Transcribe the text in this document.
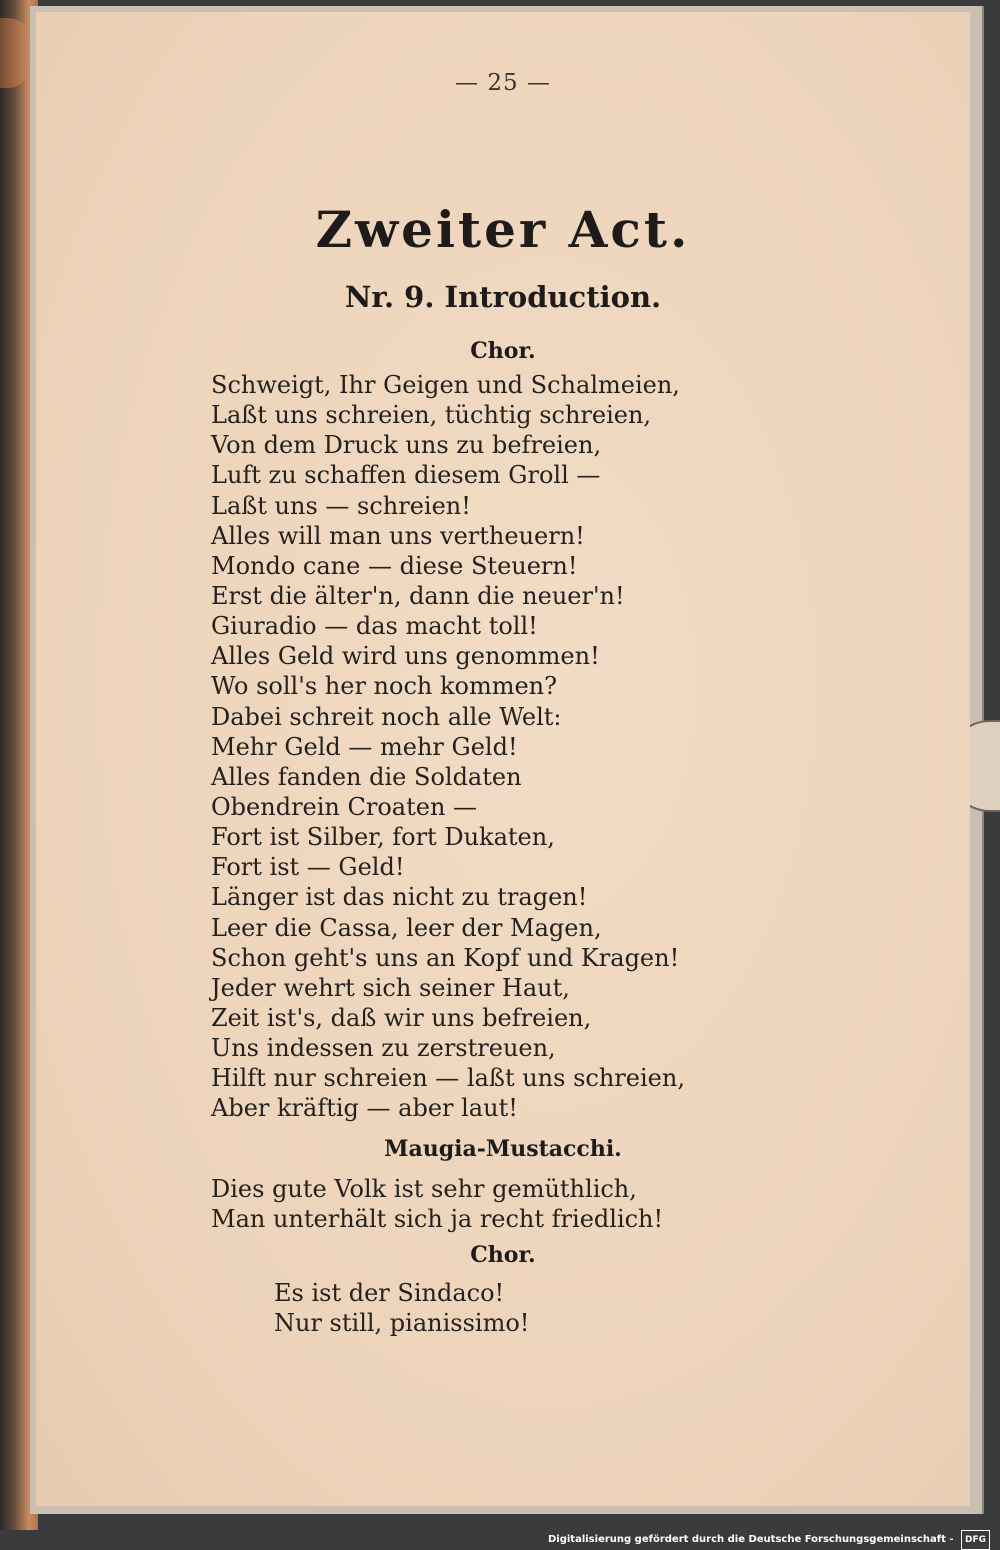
— 25 —
Zweiter Act.
Nr. 9. Introduction.
Chor.
Schweigt, Ihr Geigen und Schalmeien,
Laßt uns schreien, tüchtig schreien,
Von dem Druck uns zu befreien,
Luft zu schaffen diesem Groll —
Laßt uns — schreien!
Alles will man uns vertheuern!
Mondo cane — diese Steuern!
Erst die älter'n, dann die neuer'n!
Giuradio — das macht toll!
Alles Geld wird uns genommen!
Wo soll's her noch kommen?
Dabei schreit noch alle Welt:
Mehr Geld — mehr Geld!
Alles fanden die Soldaten
Obendrein Croaten —
Fort ist Silber, fort Dukaten,
Fort ist — Geld!
Länger ist das nicht zu tragen!
Leer die Cassa, leer der Magen,
Schon geht's uns an Kopf und Kragen!
Jeder wehrt sich seiner Haut,
Zeit ist's, daß wir uns befreien,
Uns indessen zu zerstreuen,
Hilft nur schreien — laßt uns schreien,
Aber kräftig — aber laut!
Maugia-Mustacchi.
Dies gute Volk ist sehr gemüthlich,
Man unterhält sich ja recht friedlich!
Chor.
Es ist der Sindaco!
Nur still, pianissimo!
Digitalisierung gefördert durch die Deutsche Forschungsgemeinschaft - DFG
